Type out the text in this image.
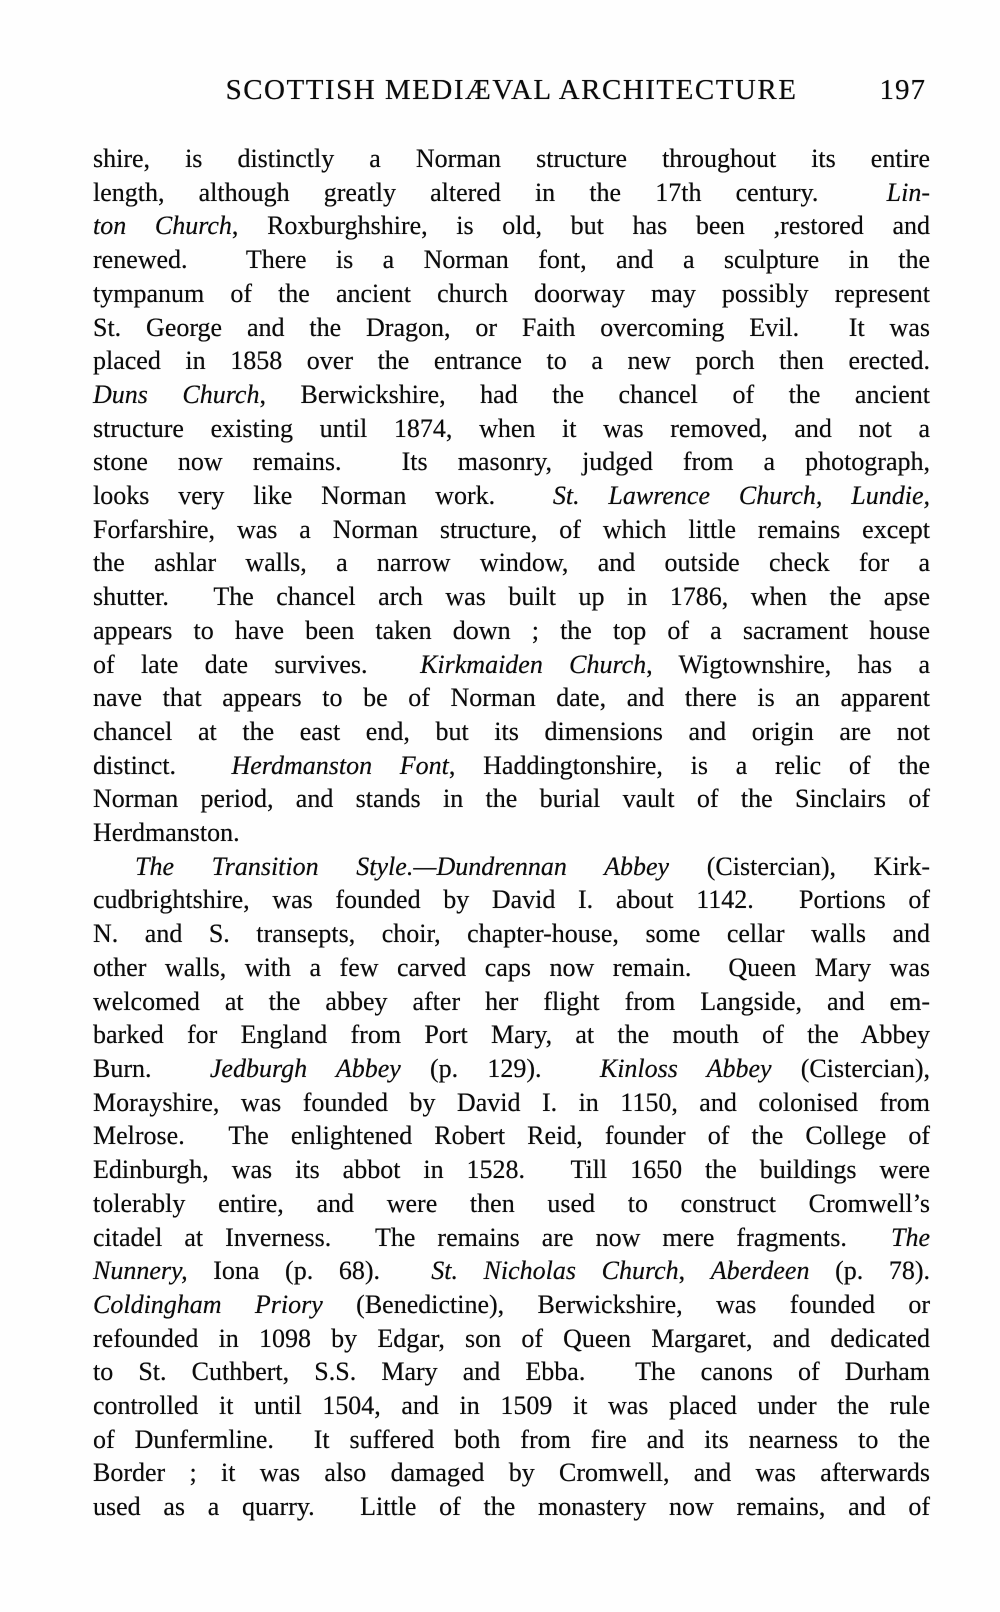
SCOTTISH MEDIÆVAL ARCHITECTURE	197
shire, is distinctly a Norman structure throughout its entire
length, although greatly altered in the 17th century.  Lin-
ton Church, Roxburghshire, is old, but has been ,restored and
renewed.  There is a Norman font, and a sculpture in the
tympanum of the ancient church doorway may possibly represent
St. George and the Dragon, or Faith overcoming Evil.  It was
placed in 1858 over the entrance to a new porch then erected.
Duns Church, Berwickshire, had the chancel of the ancient
structure existing until 1874, when it was removed, and not a
stone now remains.  Its masonry, judged from a photograph,
looks very like Norman work.  St. Lawrence Church, Lundie,
Forfarshire, was a Norman structure, of which little remains except
the ashlar walls, a narrow window, and outside check for a
shutter.  The chancel arch was built up in 1786, when the apse
appears to have been taken down ; the top of a sacrament house
of late date survives.  Kirkmaiden Church, Wigtownshire, has a
nave that appears to be of Norman date, and there is an apparent
chancel at the east end, but its dimensions and origin are not
distinct.  Herdmanston Font, Haddingtonshire, is a relic of the
Norman period, and stands in the burial vault of the Sinclairs of
Herdmanston.
The Transition Style.—Dundrennan Abbey (Cistercian), Kirk-
cudbrightshire, was founded by David I. about 1142.  Portions of
N. and S. transepts, choir, chapter-house, some cellar walls and
other walls, with a few carved caps now remain.  Queen Mary was
welcomed at the abbey after her flight from Langside, and em-
barked for England from Port Mary, at the mouth of the Abbey
Burn.  Jedburgh Abbey (p. 129).  Kinloss Abbey (Cistercian),
Morayshire, was founded by David I. in 1150, and colonised from
Melrose.  The enlightened Robert Reid, founder of the College of
Edinburgh, was its abbot in 1528.  Till 1650 the buildings were
tolerably entire, and were then used to construct Cromwell’s
citadel at Inverness.  The remains are now mere fragments.  The
Nunnery, Iona (p. 68).  St. Nicholas Church, Aberdeen (p. 78).
Coldingham Priory (Benedictine), Berwickshire, was founded or
refounded in 1098 by Edgar, son of Queen Margaret, and dedicated
to St. Cuthbert, S.S. Mary and Ebba.  The canons of Durham
controlled it until 1504, and in 1509 it was placed under the rule
of Dunfermline.  It suffered both from fire and its nearness to the
Border ; it was also damaged by Cromwell, and was afterwards
used as a quarry.  Little of the monastery now remains, and of
